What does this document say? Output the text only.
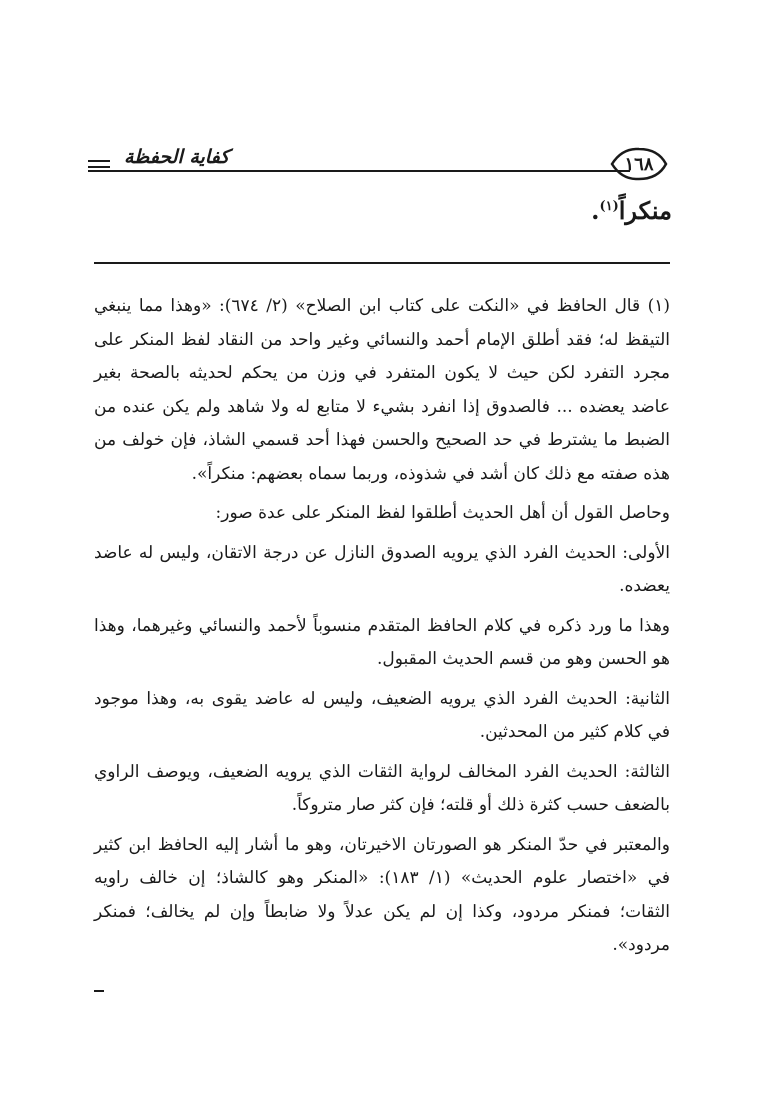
كفاية الحفظة	١٦٨
منكراً$^{(١)}$.

(١) قال الحافظ في «النكت على كتاب ابن الصلاح» (٢/ ٦٧٤): «وهذا مما ينبغي التيقظ له؛ فقد أطلق الإمام أحمد والنسائي وغير واحد من النقاد لفظ المنكر على مجرد التفرد لكن حيث لا يكون المتفرد في وزن من يحكم لحديثه بالصحة بغير عاضد يعضده ... فالصدوق إذا انفرد بشيء لا متابع له ولا شاهد ولم يكن عنده من الضبط ما يشترط في حد الصحيح والحسن فهذا أحد قسمي الشاذ، فإن خولف من هذه صفته مع ذلك كان أشد في شذوذه، وربما سماه بعضهم: منكراً».

وحاصل القول أن أهل الحديث أطلقوا لفظ المنكر على عدة صور:

الأولى: الحديث الفرد الذي يرويه الصدوق النازل عن درجة الاتقان، وليس له عاضد يعضده.

وهذا ما ورد ذكره في كلام الحافظ المتقدم منسوباً لأحمد والنسائي وغيرهما، وهذا هو الحسن وهو من قسم الحديث المقبول.

الثانية: الحديث الفرد الذي يرويه الضعيف، وليس له عاضد يقوى به، وهذا موجود في كلام كثير من المحدثين.

الثالثة: الحديث الفرد المخالف لرواية الثقات الذي يرويه الضعيف، ويوصف الراوي بالضعف حسب كثرة ذلك أو قلته؛ فإن كثر صار متروكاً.

والمعتبر في حدّ المنكر هو الصورتان الاخيرتان، وهو ما أشار إليه الحافظ ابن كثير في «اختصار علوم الحديث» (١/ ١٨٣): «المنكر وهو كالشاذ؛ إن خالف راويه الثقات؛ فمنكر مردود، وكذا إن لم يكن عدلاً ولا ضابطاً وإن لم يخالف؛ فمنكر مردود».
